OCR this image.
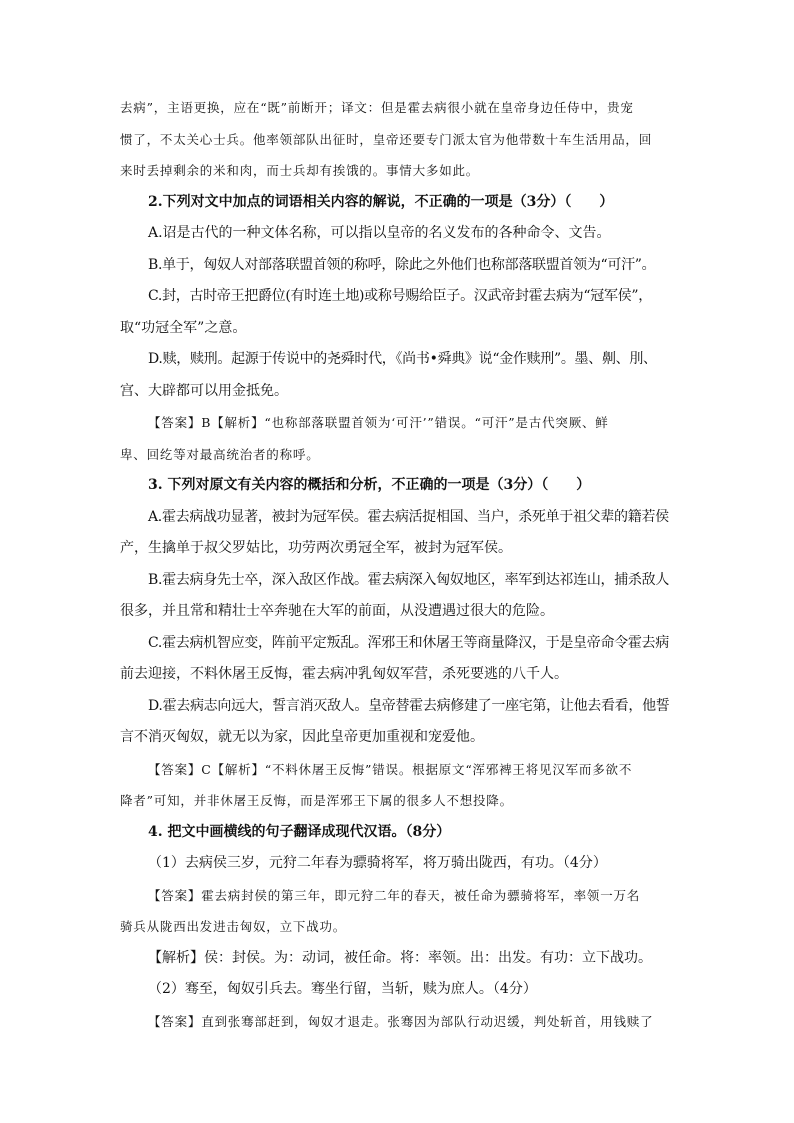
去病”，主语更换，应在“既”前断开；译文：但是霍去病很小就在皇帝身边任侍中，贵宠
惯了，不太关心士兵。他率领部队出征时，皇帝还要专门派太官为他带数十车生活用品，回
来时丢掉剩余的米和肉，而士兵却有挨饿的。事情大多如此。
2.下列对文中加点的词语相关内容的解说，不正确的一项是（3分）（　　）
A.诏是古代的一种文体名称，可以指以皇帝的名义发布的各种命令、文告。
B.单于，匈奴人对部落联盟首领的称呼，除此之外他们也称部落联盟首领为“可汗”。
C.封，古时帝王把爵位(有时连土地)或称号赐给臣子。汉武帝封霍去病为“冠军侯”，
取“功冠全军”之意。
D.赎，赎刑。起源于传说中的尧舜时代，《尚书•舜典》说“金作赎刑”。墨、劓、刖、
宫、大辟都可以用金抵免。
【答案】B【解析】“也称部落联盟首领为‘可汗’”错误。“可汗”是古代突厥、鲜
卑、回纥等对最高统治者的称呼。
3. 下列对原文有关内容的概括和分析，不正确的一项是（3分）（　　）
A.霍去病战功显著，被封为冠军侯。霍去病活捉相国、当户，杀死单于祖父辈的籍若侯
产，生擒单于叔父罗姑比，功劳两次勇冠全军，被封为冠军侯。
B.霍去病身先士卒，深入敌区作战。霍去病深入匈奴地区，率军到达祁连山，捕杀敌人
很多，并且常和精壮士卒奔驰在大军的前面，从没遭遇过很大的危险。
C.霍去病机智应变，阵前平定叛乱。浑邪王和休屠王等商量降汉，于是皇帝命令霍去病
前去迎接，不料休屠王反悔，霍去病冲乳匈奴军营，杀死要逃的八千人。
D.霍去病志向远大，誓言消灭敌人。皇帝替霍去病修建了一座宅第，让他去看看，他誓
言不消灭匈奴，就无以为家，因此皇帝更加重视和宠爱他。
【答案】C【解析】“不料休屠王反悔”错误。根据原文“浑邪裨王将见汉军而多欲不
降者”可知，并非休屠王反悔，而是浑邪王下属的很多人不想投降。
4. 把文中画横线的句子翻译成现代汉语。（8分）
（1）去病侯三岁，元狩二年春为骠骑将军，将万骑出陇西，有功。（4分）
【答案】霍去病封侯的第三年，即元狩二年的春天，被任命为骠骑将军，率领一万名
骑兵从陇西出发进击匈奴，立下战功。
【解析】侯：封侯。为：动词，被任命。将：率领。出：出发。有功：立下战功。
（2）骞至，匈奴引兵去。骞坐行留，当斩，赎为庶人。（4分）
【答案】直到张骞部赶到，匈奴才退走。张骞因为部队行动迟缓，判处斩首，用钱赎了
